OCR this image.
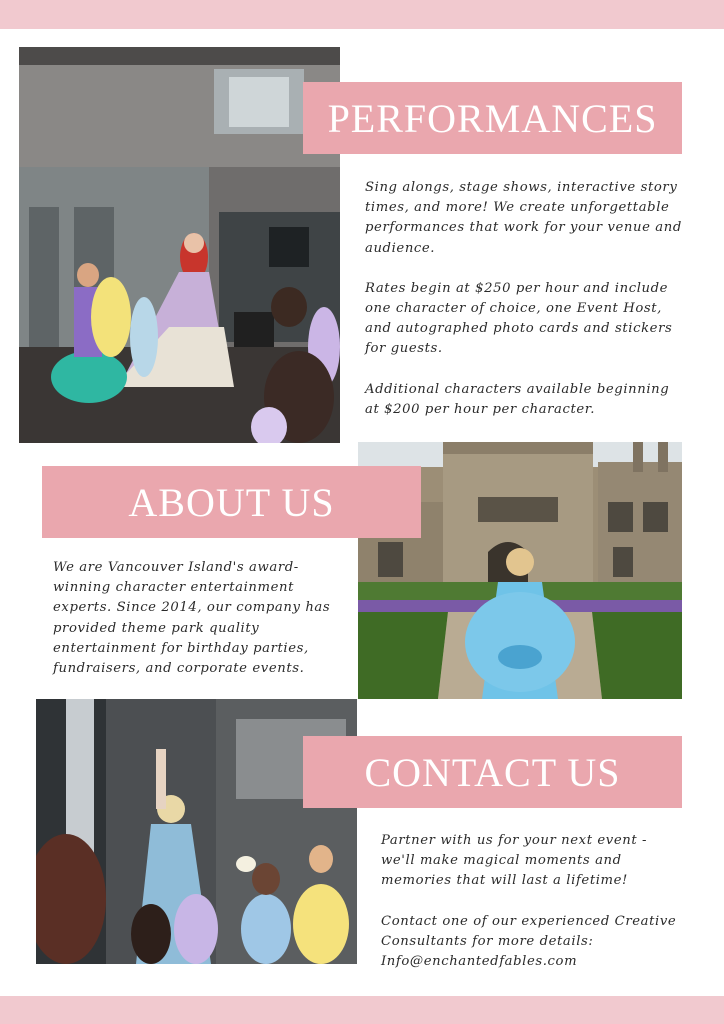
PERFORMANCES

Sing alongs, stage shows, interactive story times, and more! We create unforgettable performances that work for your venue and audience.

Rates begin at $250 per hour and include one character of choice, one Event Host, and autographed photo cards and stickers for guests.

Additional characters available beginning at $200 per hour per character.

ABOUT US

We are Vancouver Island's award-winning character entertainment experts. Since 2014, our company has provided theme park quality entertainment for birthday parties, fundraisers, and corporate events.

CONTACT US

Partner with us for your next event - we'll make magical moments and memories that will last a lifetime!

Contact one of our experienced Creative Consultants for more details:

Info@enchantedfables.com
